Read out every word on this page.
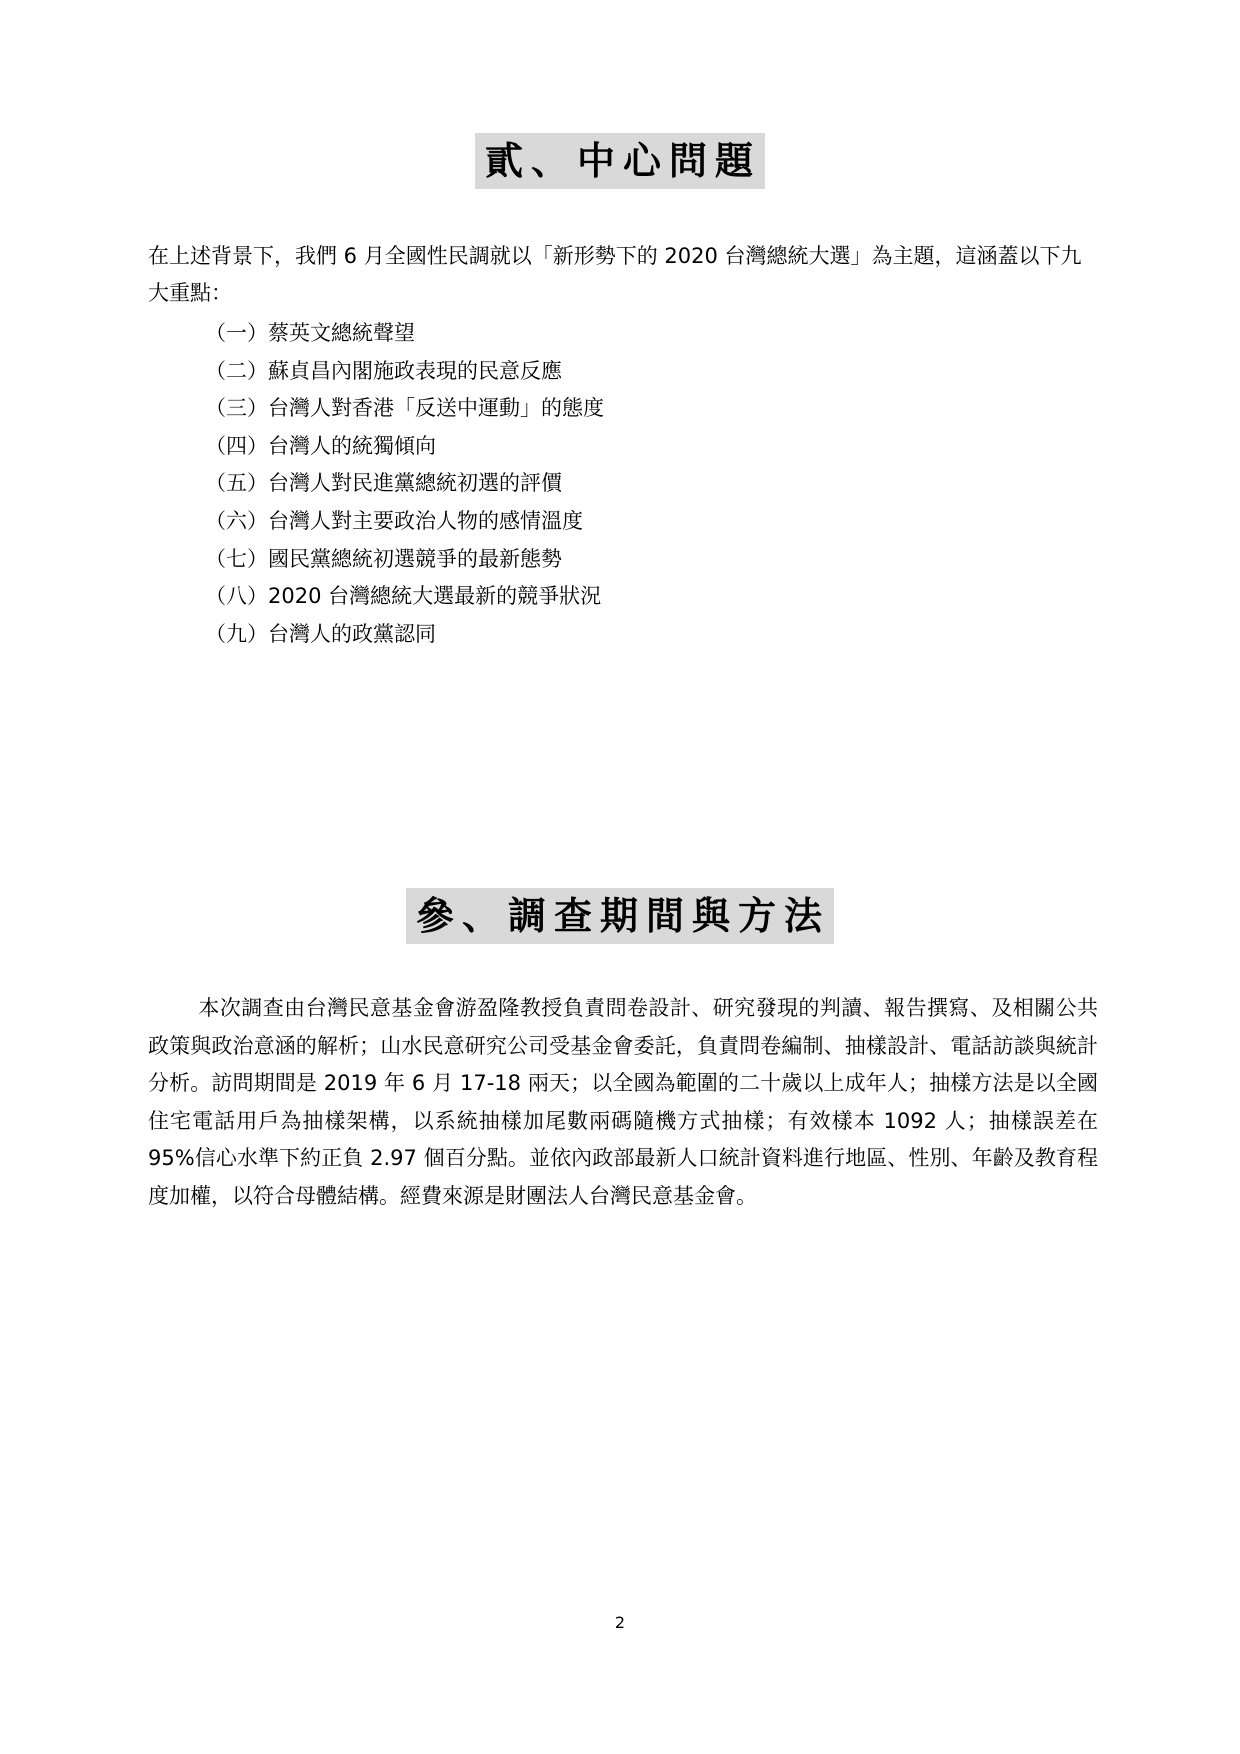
貳、中心問題
在上述背景下，我們 6 月全國性民調就以「新形勢下的 2020 台灣總統大選」為主題，這涵蓋以下九大重點：
（一）蔡英文總統聲望
（二）蘇貞昌內閣施政表現的民意反應
（三）台灣人對香港「反送中運動」的態度
（四）台灣人的統獨傾向
（五）台灣人對民進黨總統初選的評價
（六）台灣人對主要政治人物的感情溫度
（七）國民黨總統初選競爭的最新態勢
（八）2020 台灣總統大選最新的競爭狀況
（九）台灣人的政黨認同
參、調查期間與方法
本次調查由台灣民意基金會游盈隆教授負責問卷設計、研究發現的判讀、報告撰寫、及相關公共政策與政治意涵的解析；山水民意研究公司受基金會委託，負責問卷編制、抽樣設計、電話訪談與統計分析。訪問期間是 2019 年 6 月 17-18 兩天；以全國為範圍的二十歲以上成年人；抽樣方法是以全國住宅電話用戶為抽樣架構，以系統抽樣加尾數兩碼隨機方式抽樣；有效樣本 1092 人；抽樣誤差在 95%信心水準下約正負 2.97 個百分點。並依內政部最新人口統計資料進行地區、性別、年齡及教育程度加權，以符合母體結構。經費來源是財團法人台灣民意基金會。
2
